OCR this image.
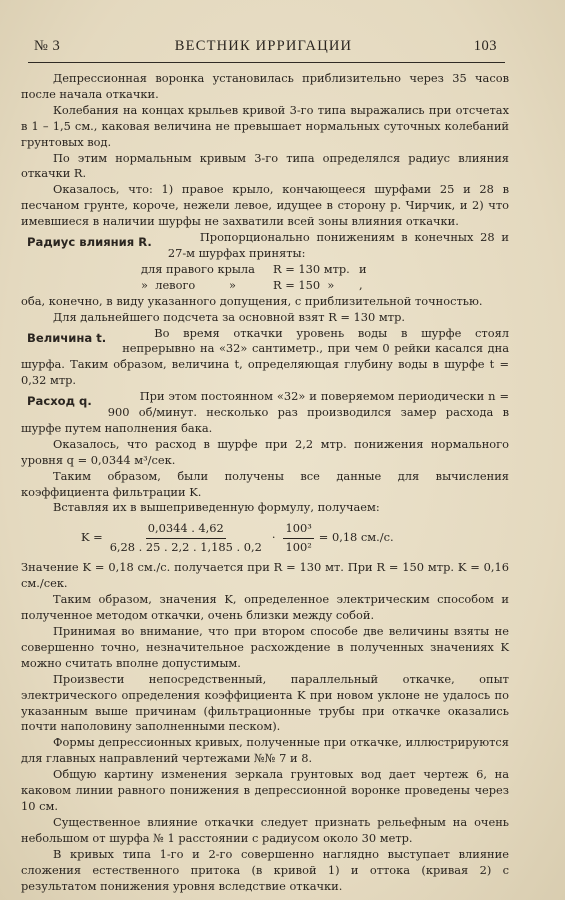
№ 3	ВЕСТНИК ИРРИГАЦИИ	103

Депрессионная воронка установилась приблизительно через 35 часов после начала откачки.

Колебания на концах крыльев кривой 3-го типа выражались при отсчетах в 1 – 1,5 см., каковая величина не превышает нормальных суточных колебаний грунтовых вод.

По этим нормальным кривым 3-го типа определялся радиус влияния откачки R.

Оказалось, что: 1) правое крыло, кончающееся шурфами 25 и 28 в песчаном грунте, короче, нежели левое, идущее в сторону р. Чирчик, и 2) что имевшиеся в наличии шурфы не захватили всей зоны влияния откачки.

Радиус влияния R.	Пропорционально понижениям в конечных 28 и 27-м шурфах приняты:

для правого крыла	R = 130 мтр. и
»  левого	»	R = 150  »	,

оба, конечно, в виду указанного допущения, с приблизительной точностью.

Для дальнейшего подсчета за основной взят R = 130 мтр.

Величина t.	Во время откачки уровень воды в шурфе стоял непрерывно на «32» сантиметр., при чем 0 рейки касался дна шурфа. Таким образом, величина t, определяющая глубину воды в шурфе t = 0,32 мтр.

Расход q.	При этом постоянном «32» и поверяемом периодически n = 900 об/минут. несколько раз производился замер расхода в шурфе путем наполнения бака.

Оказалось, что расход в шурфе при 2,2 мтр. понижения нормального уровня q = 0,0344 м³/сек.

Таким образом, были получены все данные для вычисления коэффициента фильтрации K.

Вставляя их в вышеприведенную формулу, получаем:

$K = \frac{0,0344 . 4,62}{6,28 . 25 . 2,2 . 1,185 . 0,2} \cdot \frac{\text{100³}}{\text{100²}} = 0,18$ см./с.

Значение K = 0,18 см./с. получается при R = 130 мт. При R = 150 мтр. K = 0,16 см./сек.

Таким образом, значения K, определенное электрическим способом и полученное методом откачки, очень близки между собой.

Принимая во внимание, что при втором способе две величины взяты не совершенно точно, незначительное расхождение в полученных значениях K можно считать вполне допустимым.

Произвести непосредственный, параллельный откачке, опыт электрического определения коэффициента K при новом уклоне не удалось по указанным выше причинам (фильтрационные трубы при откачке оказались почти наполовину заполненными песком).

Формы депрессионных кривых, полученные при откачке, иллюстрируются для главных направлений чертежами №№ 7 и 8.

Общую картину изменения зеркала грунтовых вод дает чертеж 6, на каковом линии равного понижения в депрессионной воронке проведены через 10 см.

Существенное влияние откачки следует признать рельефным на очень небольшом от шурфа № 1 расстоянии с радиусом около 30 метр.

В кривых типа 1-го и 2-го совершенно наглядно выступает влияние сложения естественного притока (в кривой 1) и оттока (кривая 2) с результатом понижения уровня вследствие откачки.
